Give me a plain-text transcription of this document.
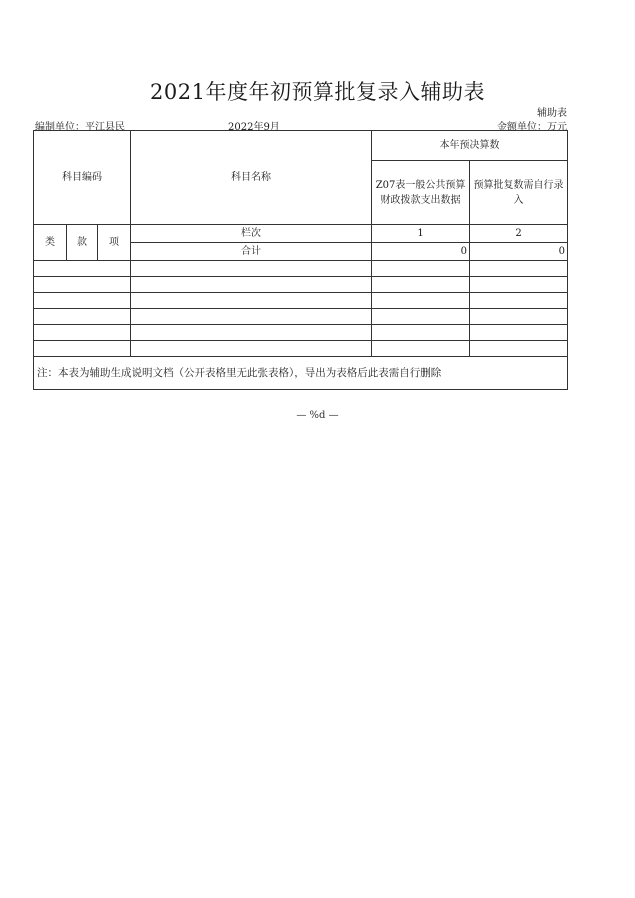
2021年度年初预算批复录入辅助表
辅助表
编制单位：平江县民	2022年9月	金额单位：万元
科目编码			科目名称	本年预决算数	
				Z07表一般公共预算财政拨款支出数据	预算批复数需自行录入
类	款	项	栏次	1	2
			合计	0	0

注：本表为辅助生成说明文档（公开表格里无此张表格），导出为表格后此表需自行删除					
— %d —
